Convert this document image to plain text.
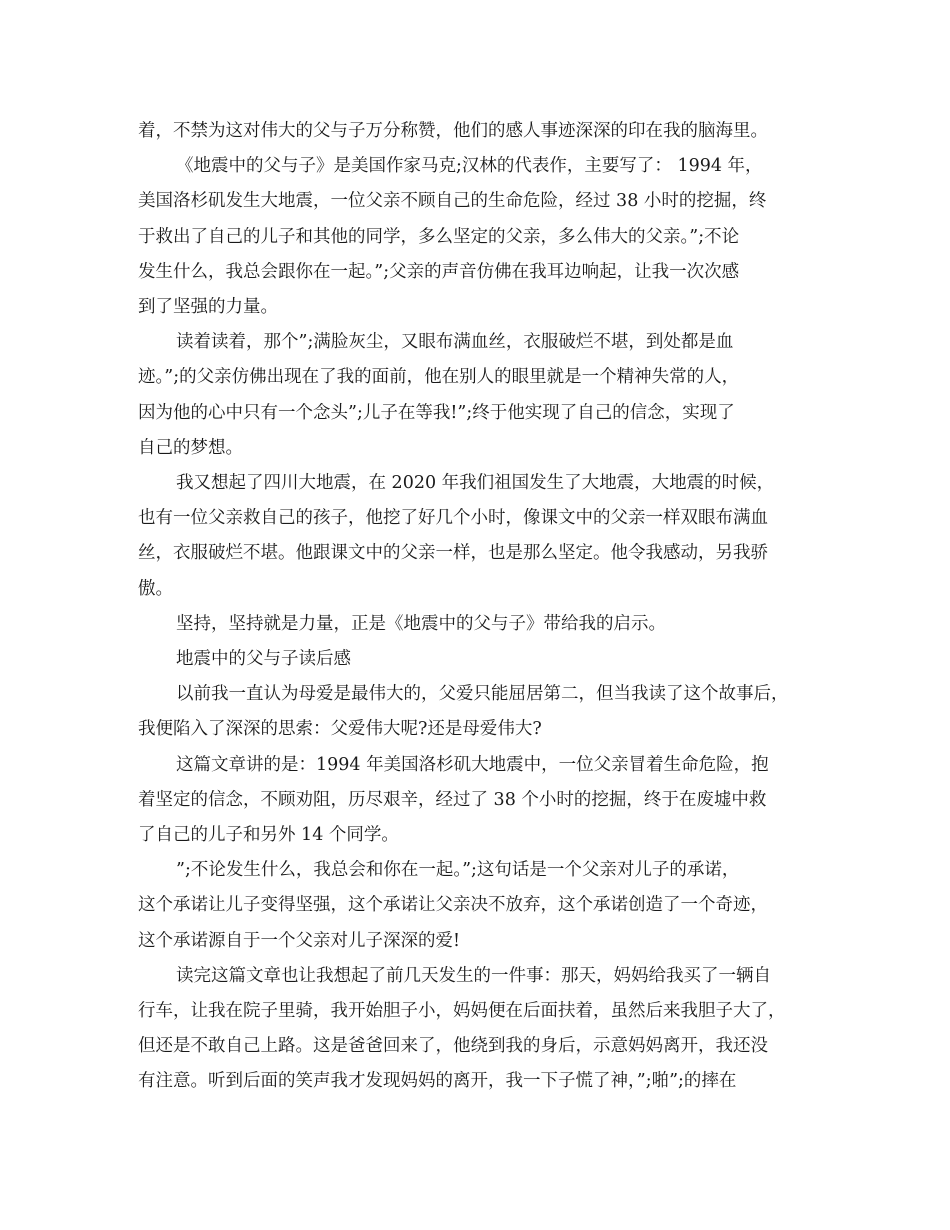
着，不禁为这对伟大的父与子万分称赞，他们的感人事迹深深的印在我的脑海里。

《地震中的父与子》是美国作家马克;汉林的代表作，主要写了： 1994 年，

美国洛杉矶发生大地震，一位父亲不顾自己的生命危险，经过 38 小时的挖掘，终

于救出了自己的儿子和其他的同学，多么坚定的父亲，多么伟大的父亲。”;不论

发生什么，我总会跟你在一起。”;父亲的声音仿佛在我耳边响起，让我一次次感

到了坚强的力量。

读着读着，那个”;满脸灰尘，又眼布满血丝，衣服破烂不堪，到处都是血

迹。”;的父亲仿佛出现在了我的面前，他在别人的眼里就是一个精神失常的人，

因为他的心中只有一个念头”;儿子在等我!”;终于他实现了自己的信念，实现了

自己的梦想。

我又想起了四川大地震，在 2020 年我们祖国发生了大地震，大地震的时候，

也有一位父亲救自己的孩子，他挖了好几个小时，像课文中的父亲一样双眼布满血

丝，衣服破烂不堪。他跟课文中的父亲一样，也是那么坚定。他令我感动，另我骄

傲。

坚持，坚持就是力量，正是《地震中的父与子》带给我的启示。

地震中的父与子读后感

以前我一直认为母爱是最伟大的，父爱只能屈居第二，但当我读了这个故事后，

我便陷入了深深的思索：父爱伟大呢?还是母爱伟大?

这篇文章讲的是：1994 年美国洛杉矶大地震中，一位父亲冒着生命危险，抱

着坚定的信念，不顾劝阻，历尽艰辛，经过了 38 个小时的挖掘，终于在废墟中救

了自己的儿子和另外 14 个同学。

”;不论发生什么，我总会和你在一起。”;这句话是一个父亲对儿子的承诺，

这个承诺让儿子变得坚强，这个承诺让父亲决不放弃，这个承诺创造了一个奇迹，

这个承诺源自于一个父亲对儿子深深的爱!

读完这篇文章也让我想起了前几天发生的一件事：那天，妈妈给我买了一辆自

行车，让我在院子里骑，我开始胆子小，妈妈便在后面扶着，虽然后来我胆子大了，

但还是不敢自己上路。这是爸爸回来了，他绕到我的身后，示意妈妈离开，我还没

有注意。听到后面的笑声我才发现妈妈的离开，我一下子慌了神，”;啪”;的摔在
